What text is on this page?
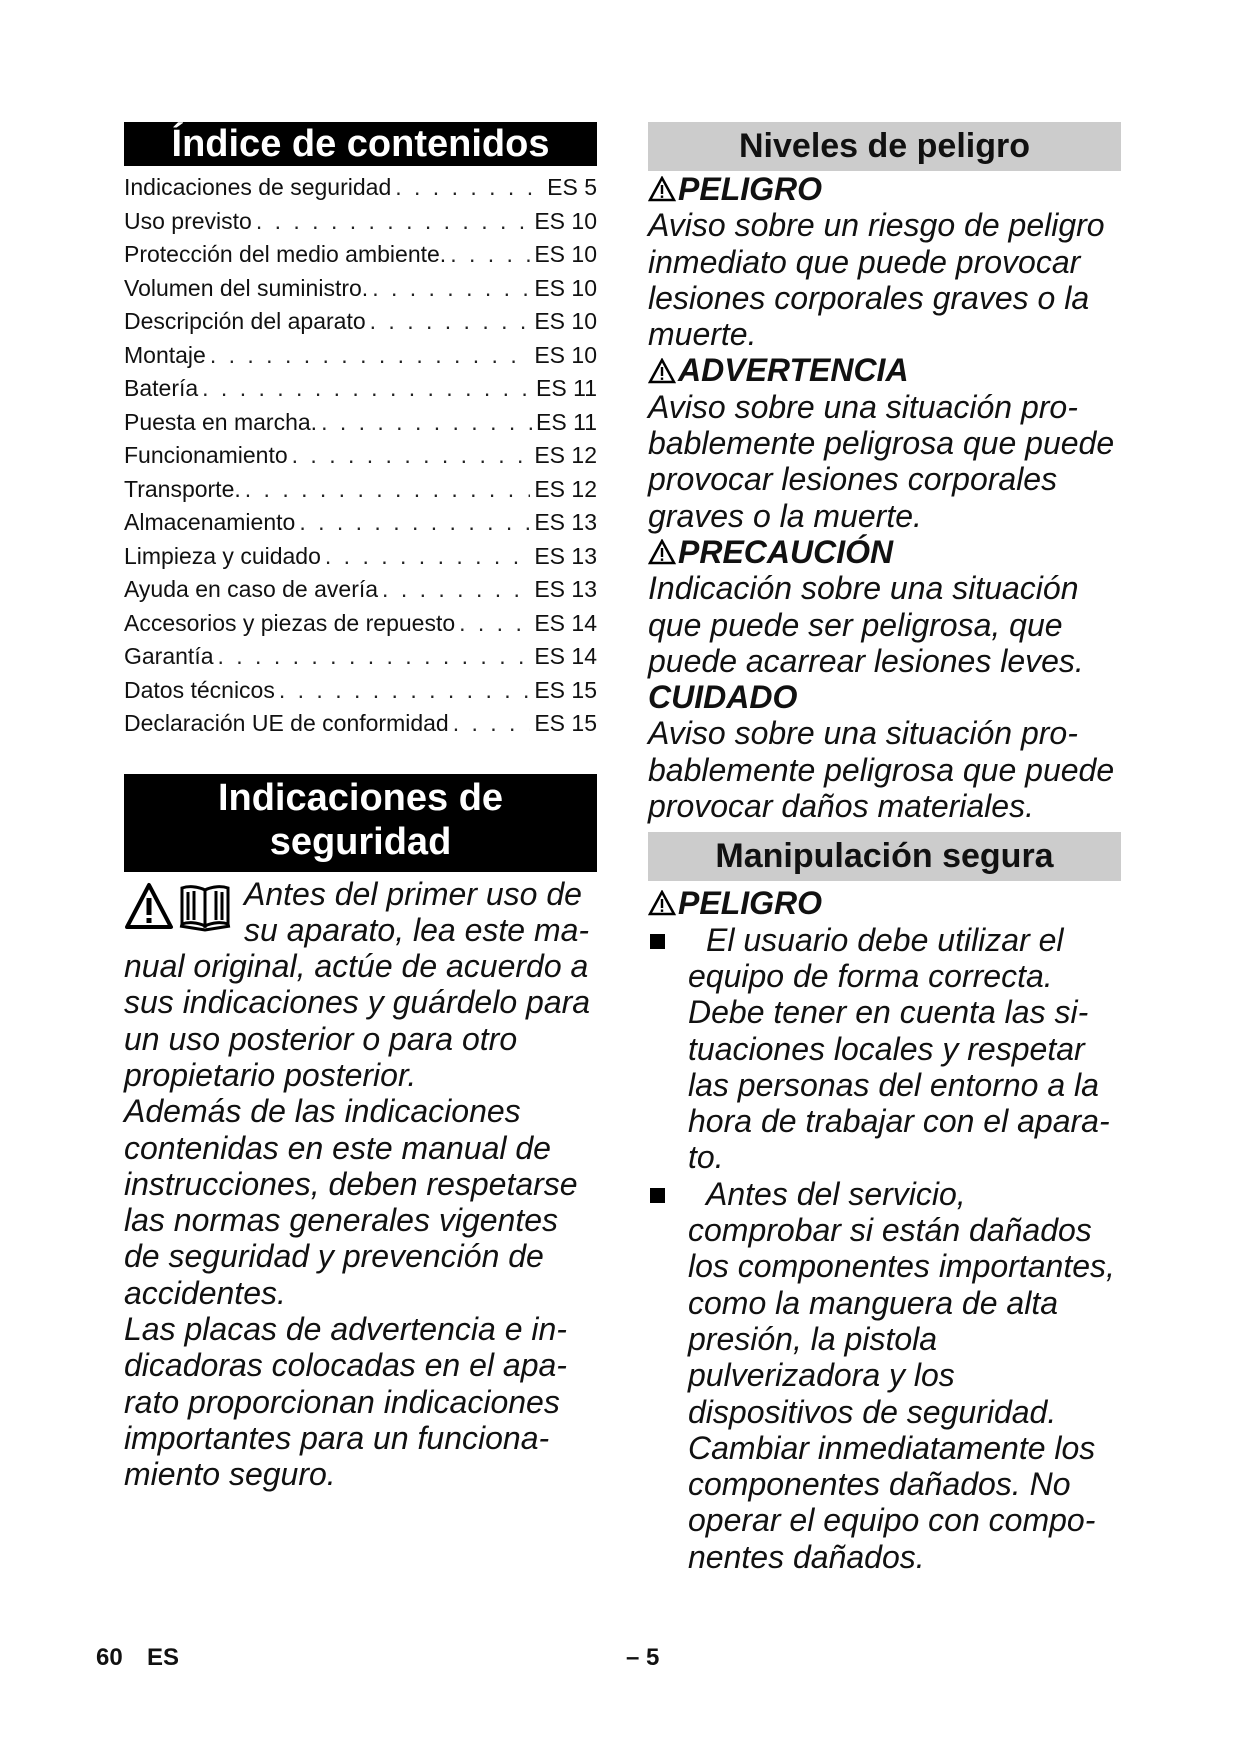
Índice de contenidos
Indicaciones de seguridad . . .	ES 5
Uso previsto . . .	ES 10
Protección del medio ambiente. . . .	ES 10
Volumen del suministro. . . .	ES 10
Descripción del aparato . . .	ES 10
Montaje . . .	ES 10
Batería . . .	ES 11
Puesta en marcha. . . .	ES 11
Funcionamiento . . .	ES 12
Transporte. . . .	ES 12
Almacenamiento . . .	ES 13
Limpieza y cuidado . . .	ES 13
Ayuda en caso de avería . . .	ES 13
Accesorios y piezas de repuesto . . .	ES 14
Garantía . . .	ES 14
Datos técnicos . . .	ES 15
Declaración UE de conformidad . . .	ES 15
Indicaciones de
seguridad
Antes del primer uso de su aparato, lea este manual original, actúe de acuerdo a sus indicaciones y guárdelo para un uso posterior o para otro propietario posterior.
Además de las indicaciones contenidas en este manual de instrucciones, deben respetarse las normas generales vigentes de seguridad y prevención de accidentes.
Las placas de advertencia e indicadoras colocadas en el aparato proporcionan indicaciones importantes para un funcionamiento seguro.
Niveles de peligro
PELIGRO
Aviso sobre un riesgo de peligro inmediato que puede provocar lesiones corporales graves o la muerte.
ADVERTENCIA
Aviso sobre una situación probablemente peligrosa que puede provocar lesiones corporales graves o la muerte.
PRECAUCIÓN
Indicación sobre una situación que puede ser peligrosa, que puede acarrear lesiones leves.
CUIDADO
Aviso sobre una situación probablemente peligrosa que puede provocar daños materiales.
Manipulación segura
PELIGRO
El usuario debe utilizar el equipo de forma correcta. Debe tener en cuenta las situaciones locales y respetar las personas del entorno a la hora de trabajar con el aparato.
Antes del servicio, comprobar si están dañados los componentes importantes, como la manguera de alta presión, la pistola pulverizadora y los dispositivos de seguridad. Cambiar inmediatamente los componentes dañados. No operar el equipo con componentes dañados.
60 ES	– 5
